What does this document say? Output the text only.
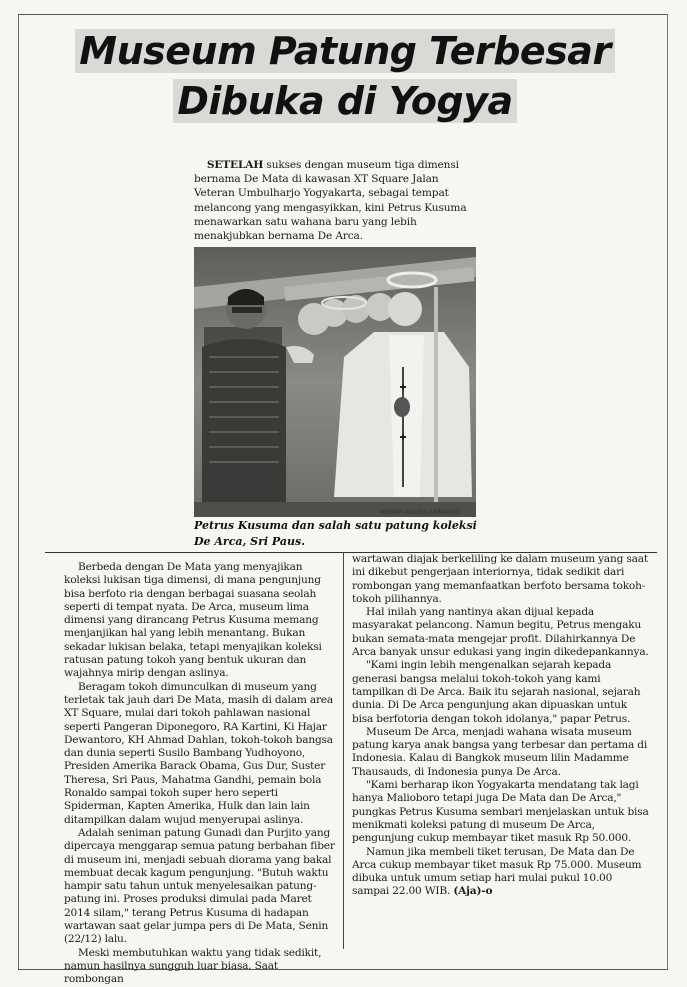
Museum Patung Terbesar
Dibuka di Yogya
SETELAH sukses dengan museum tiga dimensi bernama De Mata di kawasan XT Square Jalan Veteran Umbulharjo Yogyakarta, sebagai tempat melancong yang mengasyikkan, kini Petrus Kusuma menawarkan satu wahana baru yang lebih menakjubkan bernama De Arca.
MERAPI-AGOES JUMIANTO
Petrus Kusuma dan salah satu patung koleksi De Arca, Sri Paus.

Berbeda dengan De Mata yang menyajikan koleksi lukisan tiga dimensi, di mana pengunjung bisa berfoto ria dengan berbagai suasana seolah seperti di tempat nyata. De Arca, museum lima dimensi yang dirancang Petrus Kusuma memang menjanjikan hal yang lebih menantang. Bukan sekadar lukisan belaka, tetapi menyajikan koleksi ratusan patung tokoh yang bentuk ukuran dan wajahnya mirip dengan aslinya.

Beragam tokoh dimunculkan di museum yang terletak tak jauh dari De Mata, masih di dalam area XT Square, mulai dari tokoh pahlawan nasional seperti Pangeran Diponegoro, RA Kartini, Ki Hajar Dewantoro, KH Ahmad Dahlan, tokoh-tokoh bangsa dan dunia seperti Susilo Bambang Yudhoyono, Presiden Amerika Barack Obama, Gus Dur, Suster Theresa, Sri Paus, Mahatma Gandhi, pemain bola Ronaldo sampai tokoh super hero seperti Spiderman, Kapten Amerika, Hulk dan lain lain ditampilkan dalam wujud menyerupai aslinya.

Adalah seniman patung Gunadi dan Purjito yang dipercaya menggarap semua patung berbahan fiber di museum ini, menjadi sebuah diorama yang bakal membuat decak kagum pengunjung. "Butuh waktu hampir satu tahun untuk menyelesaikan patung-patung ini. Proses produksi dimulai pada Maret 2014 silam," terang Petrus Kusuma di hadapan wartawan saat gelar jumpa pers di De Mata, Senin (22/12) lalu.

Meski membutuhkan waktu yang tidak sedikit, namun hasilnya sungguh luar biasa. Saat rombongan

wartawan diajak berkeliling ke dalam museum yang saat ini dikebut pengerjaan interiornya, tidak sedikit dari rombongan yang memanfaatkan berfoto bersama tokoh-tokoh pilihannya.

Hal inilah yang nantinya akan dijual kepada masyarakat pelancong. Namun begitu, Petrus mengaku bukan semata-mata mengejar profit. Dilahirkannya De Arca banyak unsur edukasi yang ingin dikedepankannya.

"Kami ingin lebih mengenalkan sejarah kepada generasi bangsa melalui tokoh-tokoh yang kami tampilkan di De Arca. Baik itu sejarah nasional, sejarah dunia. Di De Arca pengunjung akan dipuaskan untuk bisa berfotoria dengan tokoh idolanya," papar Petrus.

Museum De Arca, menjadi wahana wisata museum patung karya anak bangsa yang terbesar dan pertama di Indonesia. Kalau di Bangkok museum lilin Madamme Thausauds, di Indonesia punya De Arca.

"Kami berharap ikon Yogyakarta mendatang tak lagi hanya Malioboro tetapi juga De Mata dan De Arca," pungkas Petrus Kusuma sembari menjelaskan untuk bisa menikmati koleksi patung di museum De Arca, pengunjung cukup membayar tiket masuk Rp 50.000.

Namun jika membeli tiket terusan, De Mata dan De Arca cukup membayar tiket masuk Rp 75.000. Museum dibuka untuk umum setiap hari mulai pukul 10.00 sampai 22.00 WIB. (Aja)-o
